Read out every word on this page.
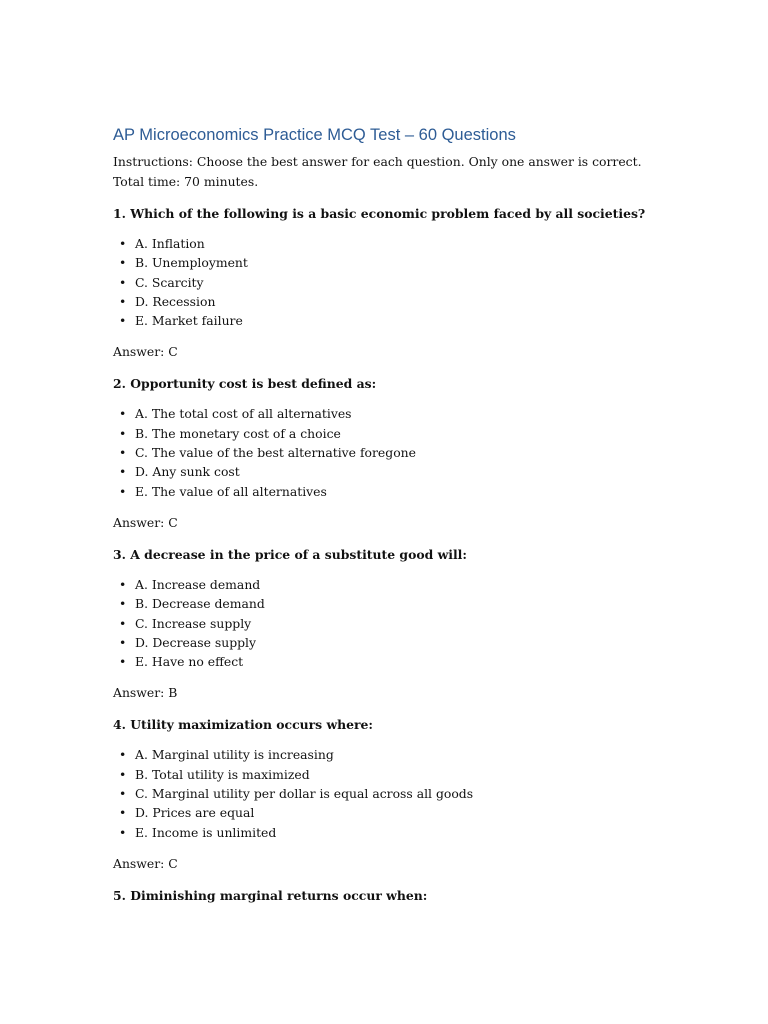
AP Microeconomics Practice MCQ Test – 60 Questions

Instructions: Choose the best answer for each question. Only one answer is correct. Total time: 70 minutes.

1. Which of the following is a basic economic problem faced by all societies?

• A. Inflation
• B. Unemployment
• C. Scarcity
• D. Recession
• E. Market failure

Answer: C

2. Opportunity cost is best defined as:

• A. The total cost of all alternatives
• B. The monetary cost of a choice
• C. The value of the best alternative foregone
• D. Any sunk cost
• E. The value of all alternatives

Answer: C

3. A decrease in the price of a substitute good will:

• A. Increase demand
• B. Decrease demand
• C. Increase supply
• D. Decrease supply
• E. Have no effect

Answer: B

4. Utility maximization occurs where:

• A. Marginal utility is increasing
• B. Total utility is maximized
• C. Marginal utility per dollar is equal across all goods
• D. Prices are equal
• E. Income is unlimited

Answer: C

5. Diminishing marginal returns occur when:
